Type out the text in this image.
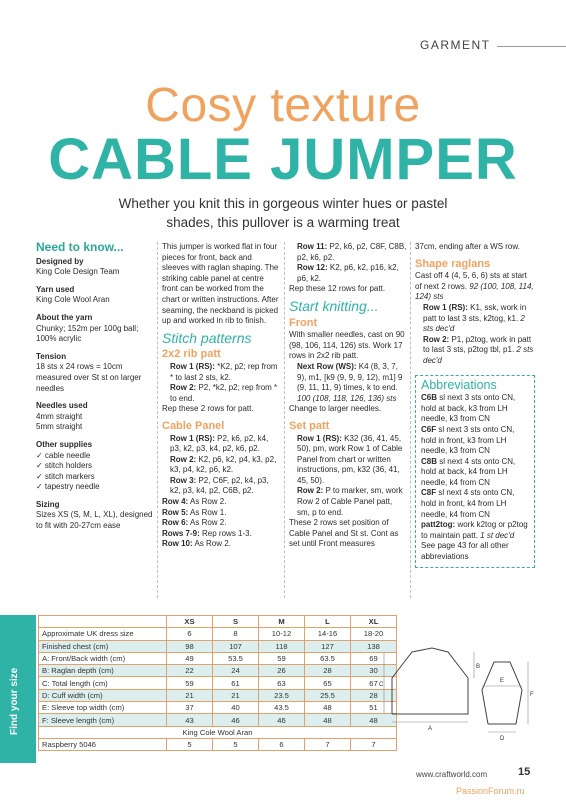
GARMENT
Cosy texture
CABLE JUMPER
Whether you knit this in gorgeous winter hues or pastel shades, this pullover is a warming treat
Need to know...
Designed by
King Cole Design Team
Yarn used
King Cole Wool Aran
About the yarn
Chunky; 152m per 100g ball; 100% acrylic
Tension
18 sts x 24 rows = 10cm measured over St st on larger needles
Needles used
4mm straight
5mm straight
Other supplies
✓ cable needle
✓ stitch holders
✓ stitch markers
✓ tapestry needle
Sizing
Sizes XS (S, M, L, XL), designed to fit with 20-27cm ease
This jumper is worked flat in four pieces for front, back and sleeves with raglan shaping. The striking cable panel at centre front can be worked from the chart or written instructions. After seaming, the neckband is picked up and worked in rib to finish.
Stitch patterns
2x2 rib patt
Row 1 (RS): *K2, p2; rep from * to last 2 sts, k2.
Row 2: P2, *k2, p2; rep from * to end.
Rep these 2 rows for patt.
Cable Panel
Row 1 (RS): P2, k6, p2, k4, p3, k2, p3, k4, p2, k6, p2.
Row 2: K2, p6, k2, p4, k3, p2, k3, p4, k2, p6, k2.
Row 3: P2, C6F, p2, k4, p3, k2, p3, k4, p2, C6B, p2.
Row 4: As Row 2.
Row 5: As Row 1.
Row 6: As Row 2.
Rows 7-9: Rep rows 1-3.
Row 10: As Row 2.
Row 11: P2, k6, p2, C8F, C8B, p2, k6, p2.
Row 12: K2, p6, k2, p16, k2, p6, k2.
Rep these 12 rows for patt.
Start knitting...
Front
With smaller needles, cast on 90 (98, 106, 114, 126) sts. Work 17 rows in 2x2 rib patt.
Next Row (WS): K4 (8, 3, 7, 9), m1, [k9 (9, 9, 9, 12), m1] 9 (9, 11, 11, 9) times, k to end. 100 (108, 118, 126, 136) sts
Change to larger needles.
Set patt
Row 1 (RS): K32 (36, 41, 45, 50), pm, work Row 1 of Cable Panel from chart or written instructions, pm, k32 (36, 41, 45, 50).
Row 2: P to marker, sm, work Row 2 of Cable Panel patt, sm, p to end.
These 2 rows set position of Cable Panel and St st. Cont as set until Front measures
37cm, ending after a WS row.
Shape raglans
Cast off 4 (4, 5, 6, 6) sts at start of next 2 rows. 92 (100, 108, 114, 124) sts
Row 1 (RS): K1, ssk, work in patt to last 3 sts, k2tog, k1. 2 sts dec'd
Row 2: P1, p2tog, work in patt to last 3 sts, p2tog tbl, p1. 2 sts dec'd
Abbreviations
C6B sl next 3 sts onto CN, hold at back, k3 from LH needle, k3 from CN
C6F sl next 3 sts onto CN, hold in front, k3 from LH needle, k3 from CN
C8B sl next 4 sts onto CN, hold at back, k4 from LH needle, k4 from CN
C8F sl next 4 sts onto CN, hold in front, k4 from LH needle, k4 from CN
patt2tog: work k2tog or p2tog to maintain patt. 1 st dec'd
See page 43 for all other abbreviations
Find your size
	XS	S	M	L	XL
Approximate UK dress size	6	8	10-12	14-16	18-20
Finished chest (cm)	98	107	118	127	138
A: Front/Back width (cm)	49	53.5	59	63.5	69
B: Raglan depth (cm)	22	24	26	28	30
C: Total length (cm)	59	61	63	65	67
D: Cuff width (cm)	21	21	23.5	25.5	28
E: Sleeve top width (cm)	37	40	43.5	48	51
F: Sleeve length (cm)	43	46	46	48	48
King Cole Wool Aran					
Raspberry 5046	5	5	6	7	7
A
B
C
D
E
F
www.craftworld.com	15
PassionForum.ru
